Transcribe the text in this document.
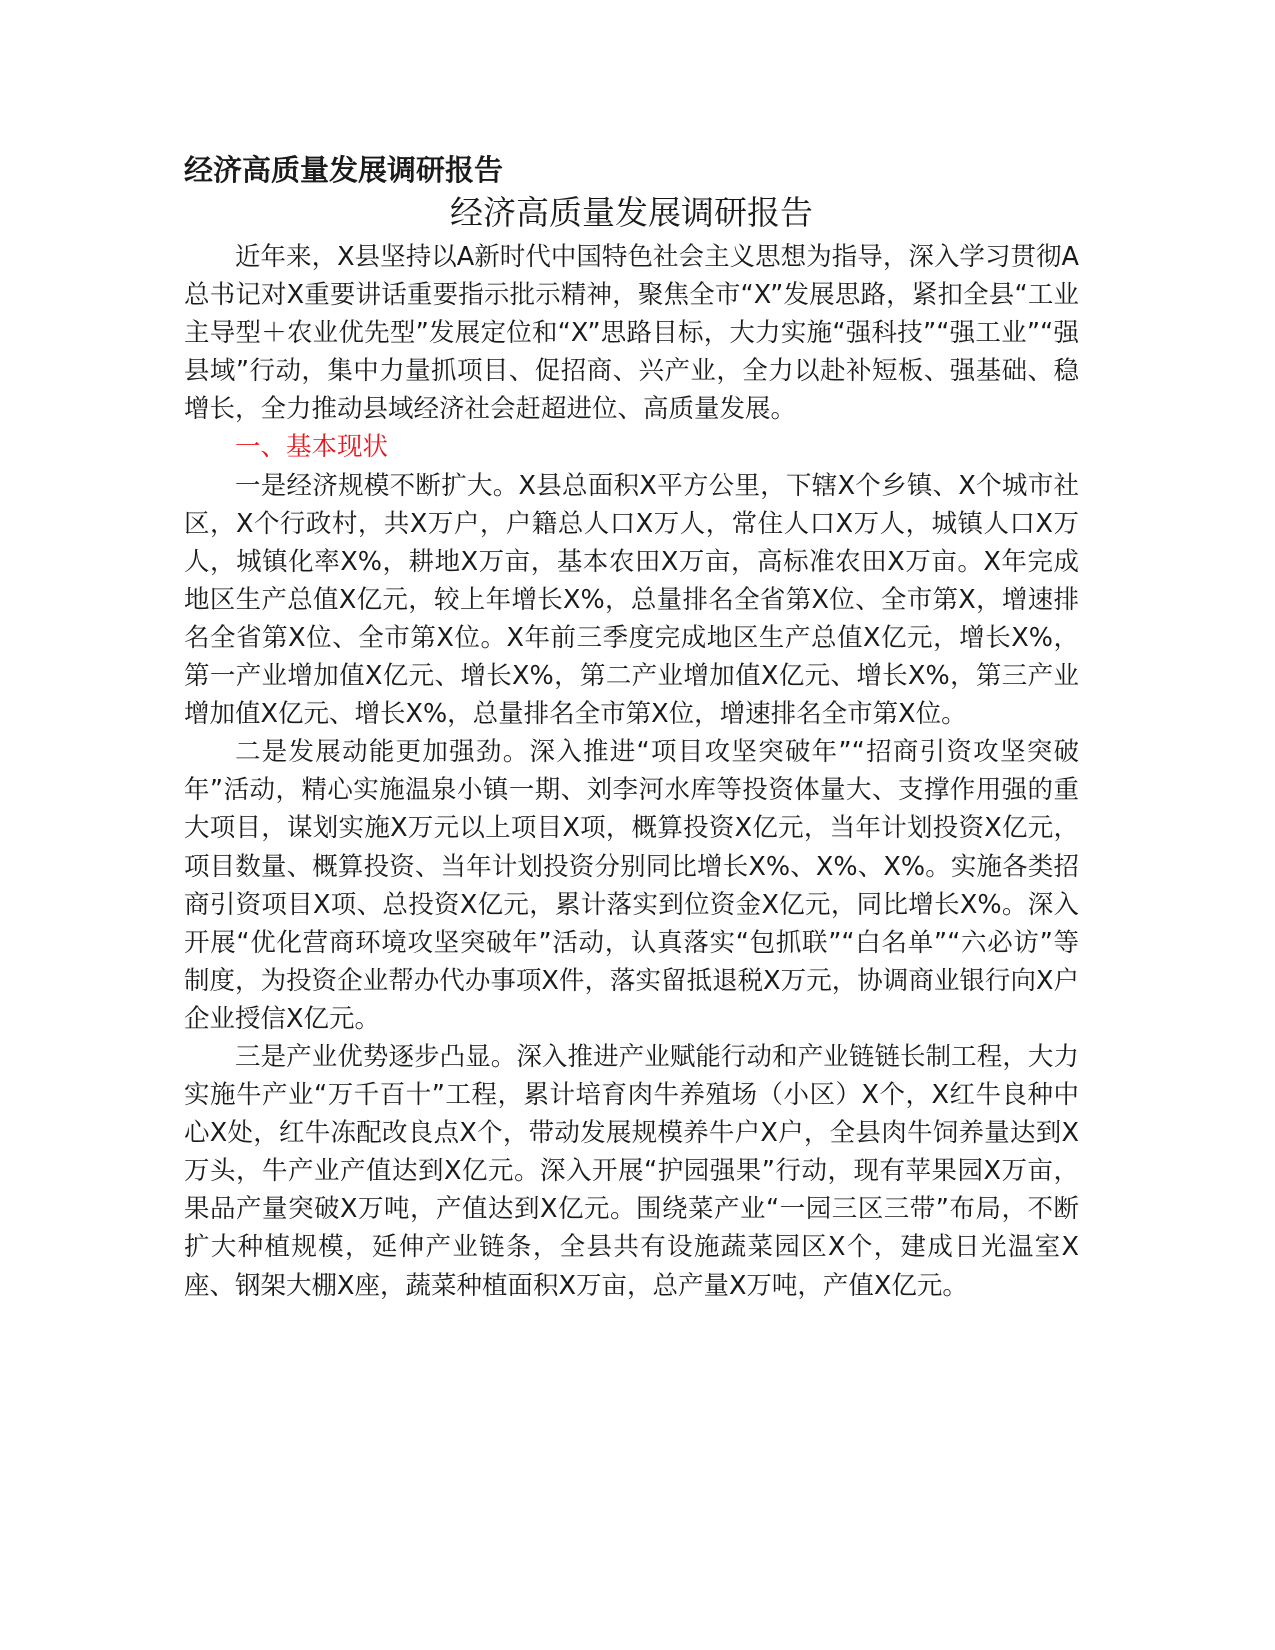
经济高质量发展调研报告
经济高质量发展调研报告

近年来，X县坚持以A新时代中国特色社会主义思想为指导，深入学习贯彻A总书记对X重要讲话重要指示批示精神，聚焦全市“X”发展思路，紧扣全县“工业主导型＋农业优先型”发展定位和“X”思路目标，大力实施“强科技”“强工业”“强县域”行动，集中力量抓项目、促招商、兴产业，全力以赴补短板、强基础、稳增长，全力推动县域经济社会赶超进位、高质量发展。

一、基本现状

一是经济规模不断扩大。X县总面积X平方公里，下辖X个乡镇、X个城市社区，X个行政村，共X万户，户籍总人口X万人，常住人口X万人，城镇人口X万人，城镇化率X%，耕地X万亩，基本农田X万亩，高标准农田X万亩。X年完成地区生产总值X亿元，较上年增长X%，总量排名全省第X位、全市第X，增速排名全省第X位、全市第X位。X年前三季度完成地区生产总值X亿元，增长X%，第一产业增加值X亿元、增长X%，第二产业增加值X亿元、增长X%，第三产业增加值X亿元、增长X%，总量排名全市第X位，增速排名全市第X位。

二是发展动能更加强劲。深入推进“项目攻坚突破年”“招商引资攻坚突破年”活动，精心实施温泉小镇一期、刘李河水库等投资体量大、支撑作用强的重大项目，谋划实施X万元以上项目X项，概算投资X亿元，当年计划投资X亿元，项目数量、概算投资、当年计划投资分别同比增长X%、X%、X%。实施各类招商引资项目X项、总投资X亿元，累计落实到位资金X亿元，同比增长X%。深入开展“优化营商环境攻坚突破年”活动，认真落实“包抓联”“白名单”“六必访”等制度，为投资企业帮办代办事项X件，落实留抵退税X万元，协调商业银行向X户企业授信X亿元。

三是产业优势逐步凸显。深入推进产业赋能行动和产业链链长制工程，大力实施牛产业“万千百十”工程，累计培育肉牛养殖场（小区）X个，X红牛良种中心X处，红牛冻配改良点X个，带动发展规模养牛户X户，全县肉牛饲养量达到X万头，牛产业产值达到X亿元。深入开展“护园强果”行动，现有苹果园X万亩，果品产量突破X万吨，产值达到X亿元。围绕菜产业“一园三区三带”布局，不断扩大种植规模，延伸产业链条，全县共有设施蔬菜园区X个，建成日光温室X座、钢架大棚X座，蔬菜种植面积X万亩，总产量X万吨，产值X亿元。
